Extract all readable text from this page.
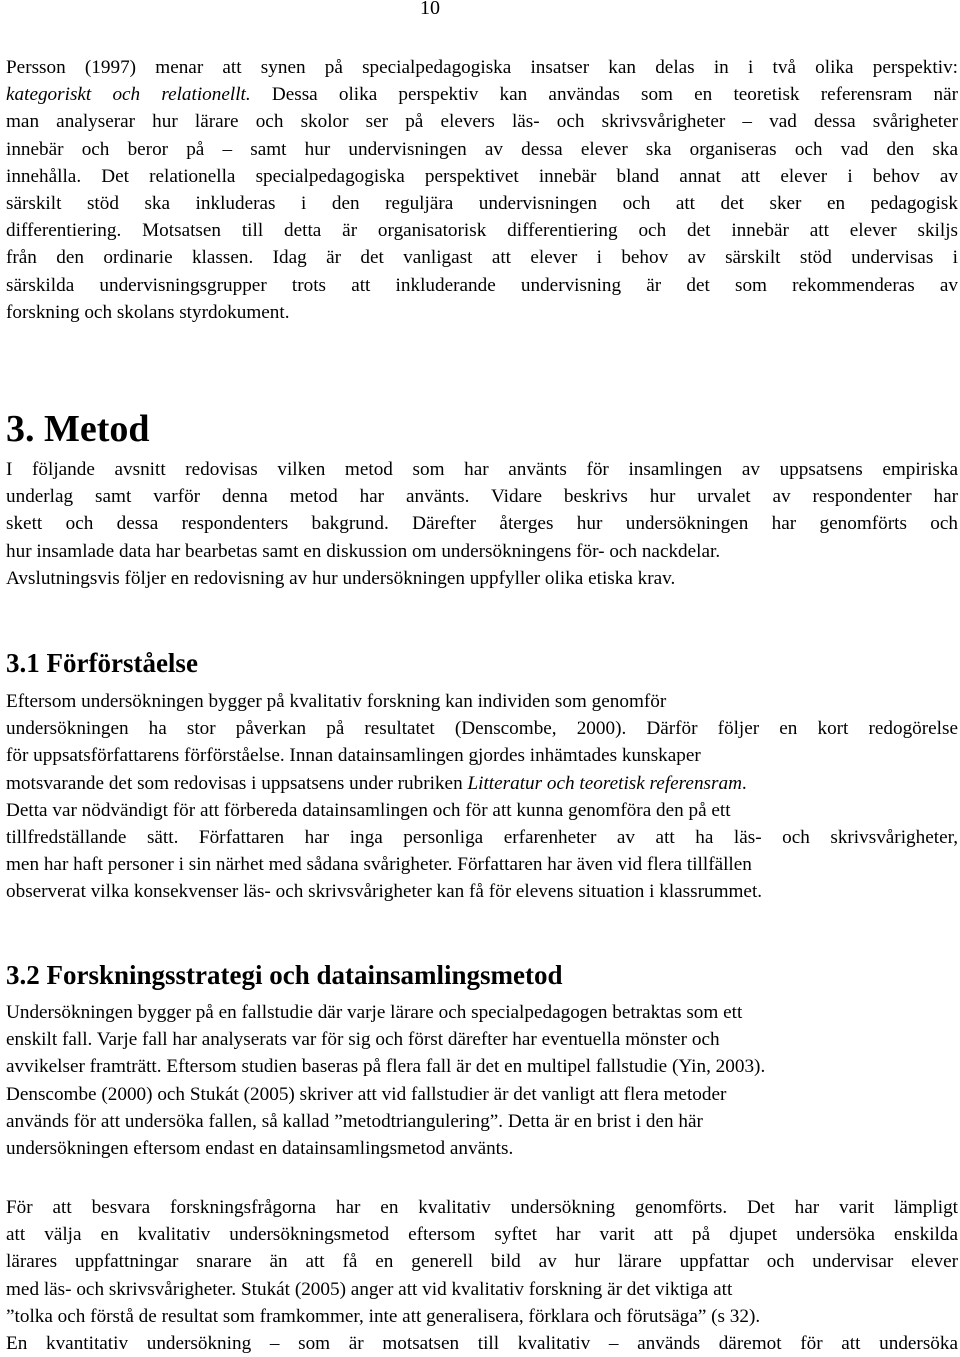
10
Persson (1997) menar att synen på specialpedagogiska insatser kan delas in i två olika perspektiv:
kategoriskt och relationellt. Dessa olika perspektiv kan användas som en teoretisk referensram när
man analyserar hur lärare och skolor ser på elevers läs- och skrivsvårigheter – vad dessa svårigheter
innebär och beror på – samt hur undervisningen av dessa elever ska organiseras och vad den ska
innehålla. Det relationella specialpedagogiska perspektivet innebär bland annat att elever i behov av
särskilt stöd ska inkluderas i den reguljära undervisningen och att det sker en pedagogisk
differentiering. Motsatsen till detta är organisatorisk differentiering och det innebär att elever skiljs
från den ordinarie klassen. Idag är det vanligast att elever i behov av särskilt stöd undervisas i
särskilda undervisningsgrupper trots att inkluderande undervisning är det som rekommenderas av
forskning och skolans styrdokument.
3. Metod
I följande avsnitt redovisas vilken metod som har använts för insamlingen av uppsatsens empiriska
underlag samt varför denna metod har använts. Vidare beskrivs hur urvalet av respondenter har
skett och dessa respondenters bakgrund. Därefter återges hur undersökningen har genomförts och
hur insamlade data har bearbetas samt en diskussion om undersökningens för- och nackdelar.
Avslutningsvis följer en redovisning av hur undersökningen uppfyller olika etiska krav.
3.1 Förförståelse
Eftersom undersökningen bygger på kvalitativ forskning kan individen som genomför
undersökningen ha stor påverkan på resultatet (Denscombe, 2000). Därför följer en kort redogörelse
för uppsatsförfattarens förförståelse. Innan datainsamlingen gjordes inhämtades kunskaper
motsvarande det som redovisas i uppsatsens under rubriken Litteratur och teoretisk referensram.
Detta var nödvändigt för att förbereda datainsamlingen och för att kunna genomföra den på ett
tillfredställande sätt. Författaren har inga personliga erfarenheter av att ha läs- och skrivsvårigheter,
men har haft personer i sin närhet med sådana svårigheter. Författaren har även vid flera tillfällen
observerat vilka konsekvenser läs- och skrivsvårigheter kan få för elevens situation i klassrummet.
3.2 Forskningsstrategi och datainsamlingsmetod
Undersökningen bygger på en fallstudie där varje lärare och specialpedagogen betraktas som ett
enskilt fall. Varje fall har analyserats var för sig och först därefter har eventuella mönster och
avvikelser framträtt. Eftersom studien baseras på flera fall är det en multipel fallstudie (Yin, 2003).
Denscombe (2000) och Stukát (2005) skriver att vid fallstudier är det vanligt att flera metoder
används för att undersöka fallen, så kallad ”metodtriangulering”. Detta är en brist i den här
undersökningen eftersom endast en datainsamlingsmetod använts.
För att besvara forskningsfrågorna har en kvalitativ undersökning genomförts. Det har varit lämpligt
att välja en kvalitativ undersökningsmetod eftersom syftet har varit att på djupet undersöka enskilda
lärares uppfattningar snarare än att få en generell bild av hur lärare uppfattar och undervisar elever
med läs- och skrivsvårigheter. Stukát (2005) anger att vid kvalitativ forskning är det viktiga att
”tolka och förstå de resultat som framkommer, inte att generalisera, förklara och förutsäga” (s 32).
En kvantitativ undersökning – som är motsatsen till kvalitativ – används däremot för att undersöka
